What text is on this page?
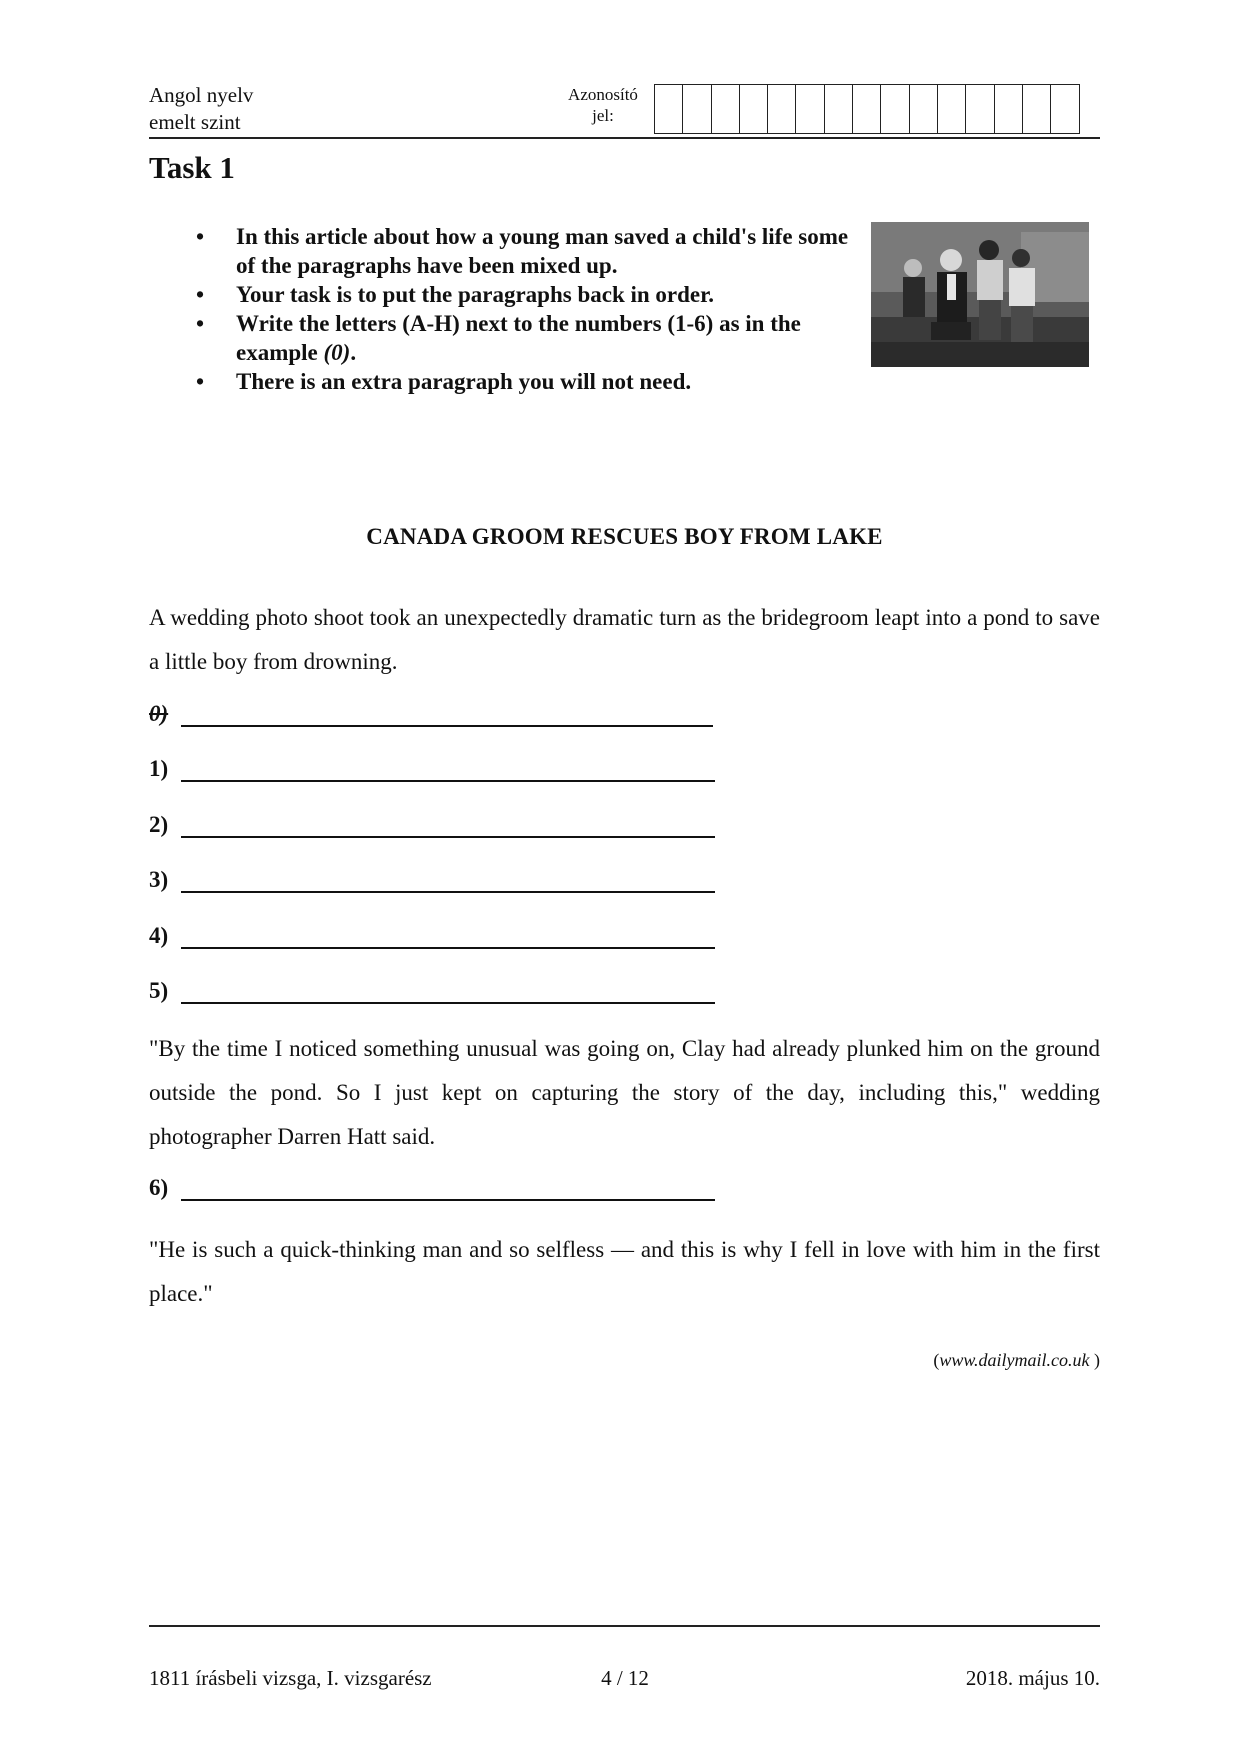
Angol nyelv
emelt szint
Azonosító
jel:
Task 1
• In this article about how a young man saved a child's life some of the paragraphs have been mixed up.
• Your task is to put the paragraphs back in order.
• Write the letters (A-H) next to the numbers (1-6) as in the example (0).
• There is an extra paragraph you will not need.
CANADA GROOM RESCUES BOY FROM LAKE

A wedding photo shoot took an unexpectedly dramatic turn as the bridegroom leapt into a pond to save a little boy from drowning.

0)
1)
2)
3)
4)
5)

"By the time I noticed something unusual was going on, Clay had already plunked him on the ground outside the pond. So I just kept on capturing the story of the day, including this," wedding photographer Darren Hatt said.

6)

"He is such a quick-thinking man and so selfless — and this is why I fell in love with him in the first place."

(www.dailymail.co.uk )
1811 írásbeli vizsga, I. vizsgarész	4 / 12	2018. május 10.
